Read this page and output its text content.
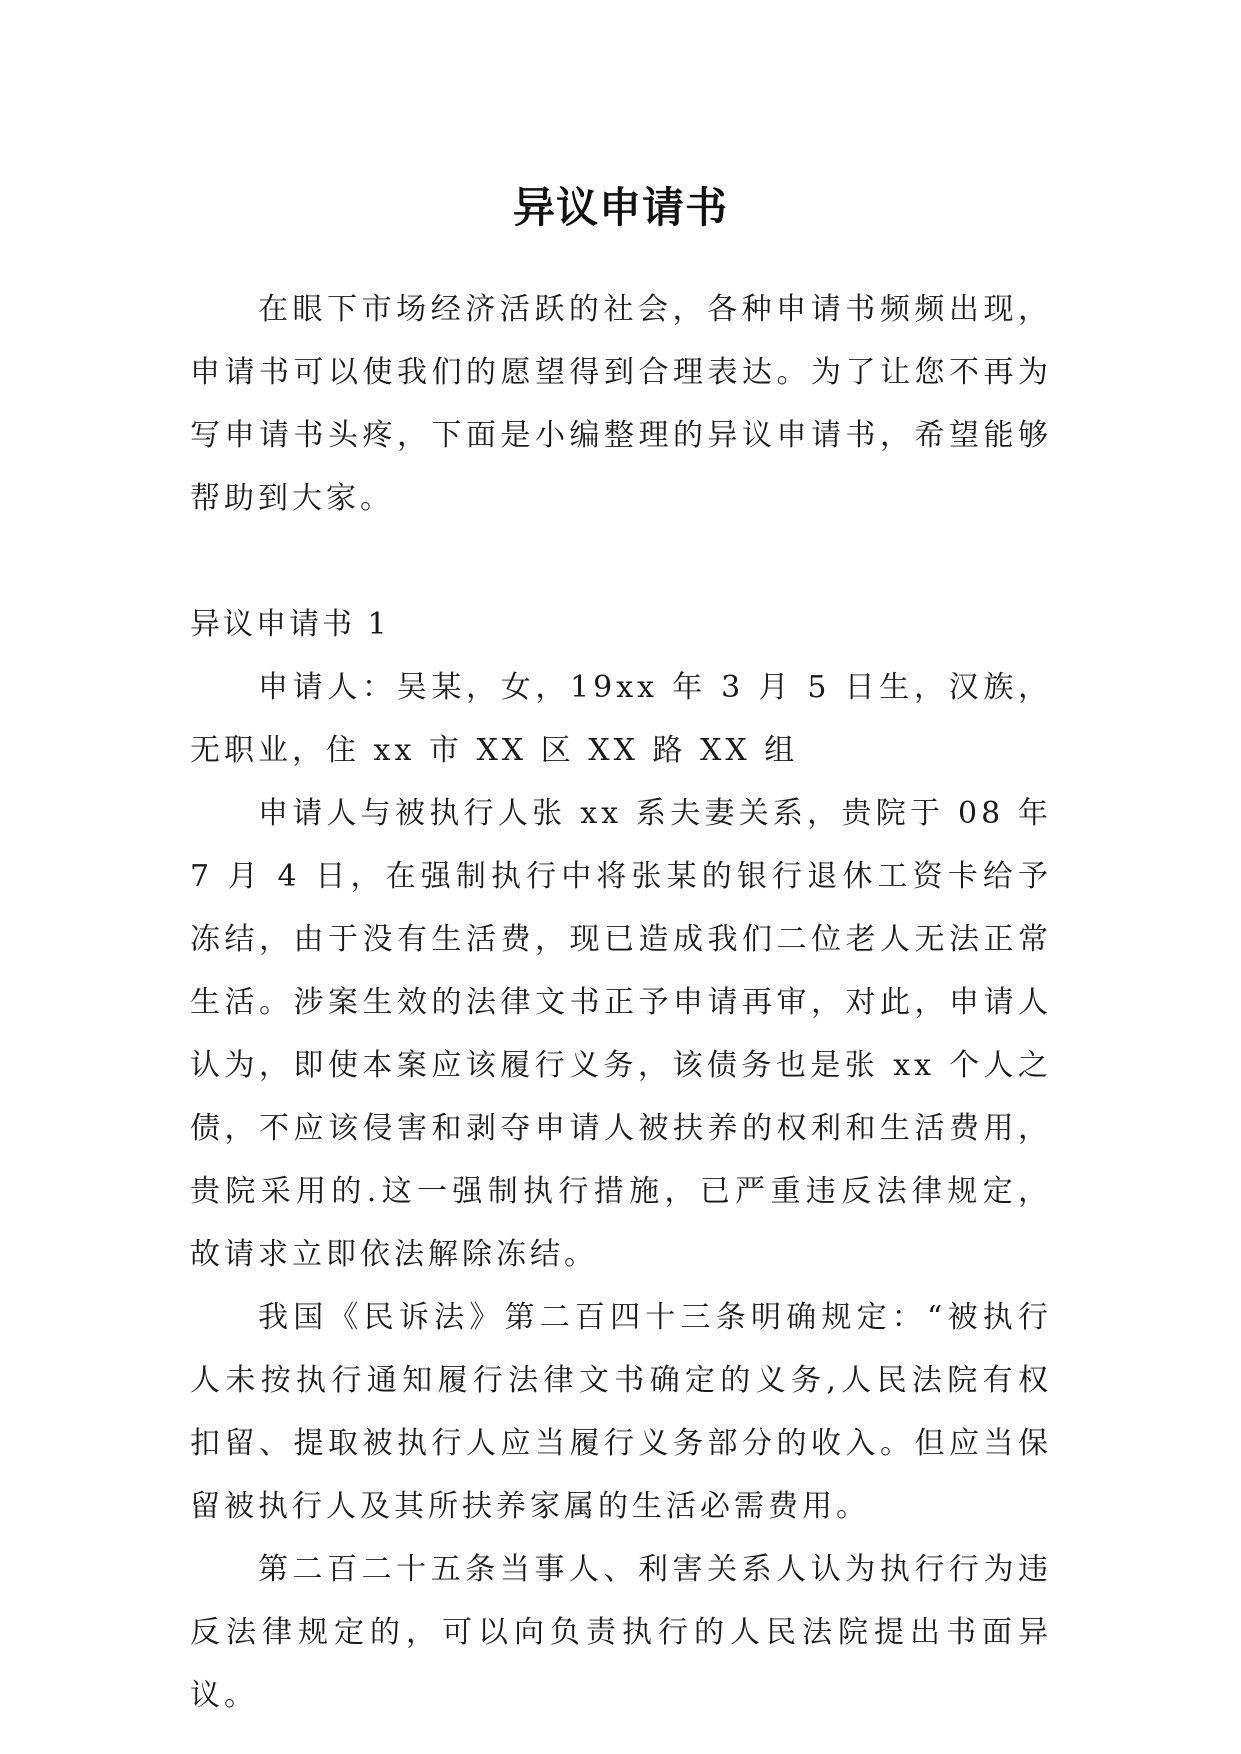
异议申请书

在眼下市场经济活跃的社会，各种申请书频频出现，申请书可以使我们的愿望得到合理表达。为了让您不再为写申请书头疼，下面是小编整理的异议申请书，希望能够帮助到大家。

异议申请书 1

申请人：吴某，女，19xx 年 3 月 5 日生，汉族，无职业，住 xx 市 XX 区 XX 路 XX 组

申请人与被执行人张 xx 系夫妻关系，贵院于 08 年 7 月 4 日，在强制执行中将张某的银行退休工资卡给予冻结，由于没有生活费，现已造成我们二位老人无法正常生活。涉案生效的法律文书正予申请再审，对此，申请人认为，即使本案应该履行义务，该债务也是张 xx 个人之债，不应该侵害和剥夺申请人被扶养的权利和生活费用，贵院采用的.这一强制执行措施，已严重违反法律规定，故请求立即依法解除冻结。

我国《民诉法》第二百四十三条明确规定：“被执行人未按执行通知履行法律文书确定的义务,人民法院有权扣留、提取被执行人应当履行义务部分的收入。但应当保留被执行人及其所扶养家属的生活必需费用。

第二百二十五条当事人、利害关系人认为执行行为违反法律规定的，可以向负责执行的人民法院提出书面异议。
